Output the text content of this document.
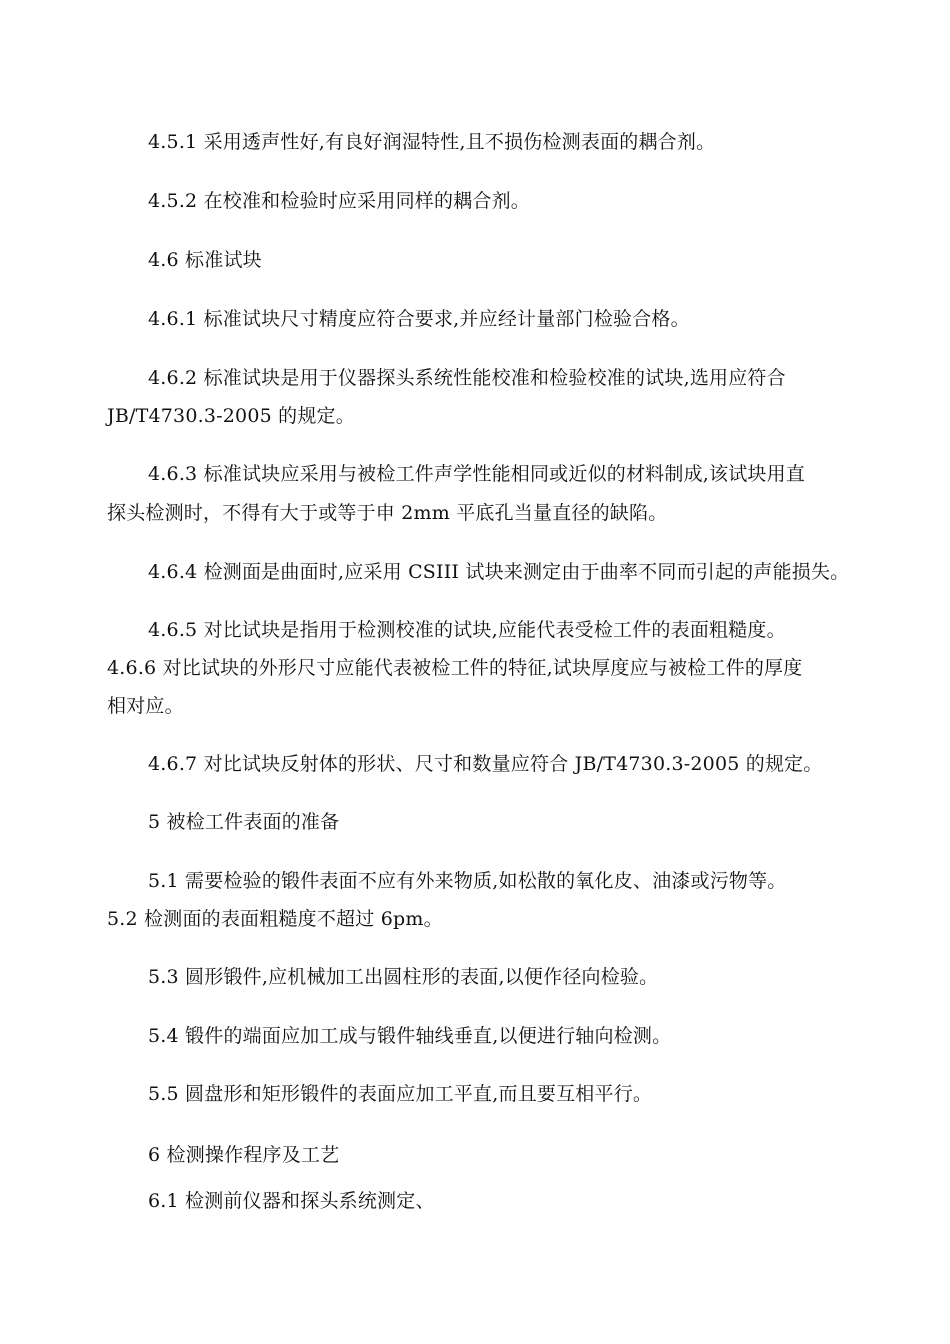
4.5.1 采用透声性好,有良好润湿特性,且不损伤检测表面的耦合剂。
4.5.2 在校准和检验时应采用同样的耦合剂。
4.6 标准试块
4.6.1 标准试块尺寸精度应符合要求,并应经计量部门检验合格。
4.6.2 标准试块是用于仪器探头系统性能校准和检验校准的试块,选用应符合
JB/T4730.3-2005 的规定。
4.6.3 标准试块应采用与被检工件声学性能相同或近似的材料制成,该试块用直
探头检测时，不得有大于或等于申 2mm 平底孔当量直径的缺陷。
4.6.4 检测面是曲面时,应采用 CSIII 试块来测定由于曲率不同而引起的声能损失。
4.6.5 对比试块是指用于检测校准的试块,应能代表受检工件的表面粗糙度。
4.6.6 对比试块的外形尺寸应能代表被检工件的特征,试块厚度应与被检工件的厚度
相对应。
4.6.7 对比试块反射体的形状、尺寸和数量应符合 JB/T4730.3-2005 的规定。
5 被检工件表面的准备
5.1 需要检验的锻件表面不应有外来物质,如松散的氧化皮、油漆或污物等。
5.2 检测面的表面粗糙度不超过 6pm。
5.3 圆形锻件,应机械加工出圆柱形的表面,以便作径向检验。
5.4 锻件的端面应加工成与锻件轴线垂直,以便进行轴向检测。
5.5 圆盘形和矩形锻件的表面应加工平直,而且要互相平行。
6 检测操作程序及工艺
6.1 检测前仪器和探头系统测定、
